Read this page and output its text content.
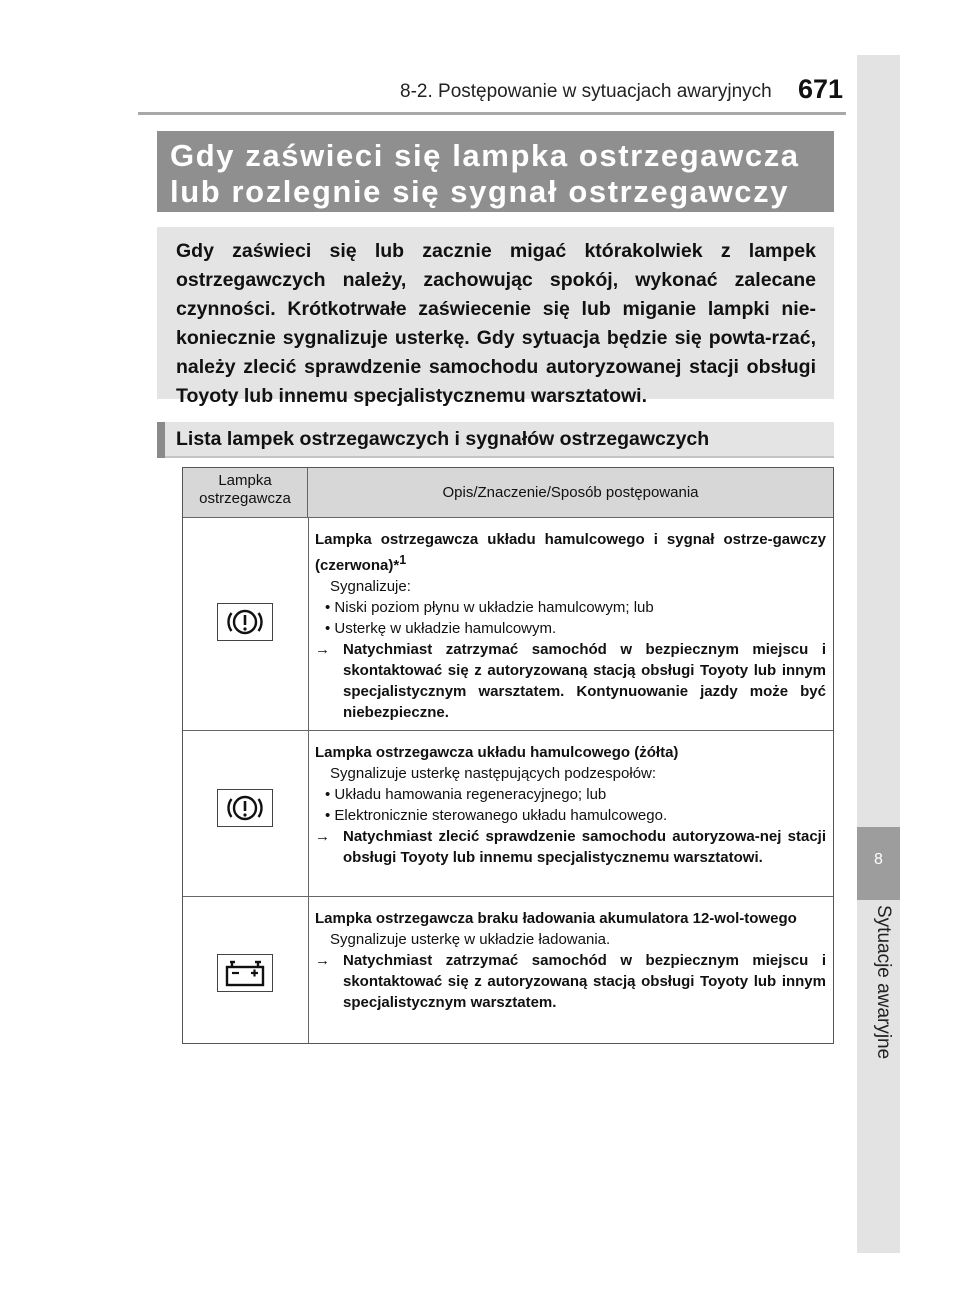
8-2. Postępowanie w sytuacjach awaryjnych 671
8
Sytuacje awaryjne
Gdy zaświeci się lampka ostrzegawcza
lub rozlegnie się sygnał ostrzegawczy
Gdy zaświeci się lub zacznie migać którakolwiek z lampek ostrzegawczych należy, zachowując spokój, wykonać zalecane czynności. Krótkotrwałe zaświecenie się lub miganie lampki nie-koniecznie sygnalizuje usterkę. Gdy sytuacja będzie się powta-rzać, należy zlecić sprawdzenie samochodu autoryzowanej stacji obsługi Toyoty lub innemu specjalistycznemu warsztatowi.
Lista lampek ostrzegawczych i sygnałów ostrzegawczych
Lampka ostrzegawcza	Opis/Znaczenie/Sposób postępowania
Lampka ostrzegawcza układu hamulcowego i sygnał ostrze-gawczy (czerwona)*$^1$
Sygnalizuje:
• Niski poziom płynu w układzie hamulcowym; lub
• Usterkę w układzie hamulcowym.
→ Natychmiast zatrzymać samochód w bezpiecznym miejscu i skontaktować się z autoryzowaną stacją obsługi Toyoty lub innym specjalistycznym warsztatem. Kontynuowanie jazdy może być niebezpieczne.
Lampka ostrzegawcza układu hamulcowego (żółta)
Sygnalizuje usterkę następujących podzespołów:
• Układu hamowania regeneracyjnego; lub
• Elektronicznie sterowanego układu hamulcowego.
→ Natychmiast zlecić sprawdzenie samochodu autoryzowa-nej stacji obsługi Toyoty lub innemu specjalistycznemu warsztatowi.
Lampka ostrzegawcza braku ładowania akumulatora 12-wol-towego
Sygnalizuje usterkę w układzie ładowania.
→ Natychmiast zatrzymać samochód w bezpiecznym miejscu i skontaktować się z autoryzowaną stacją obsługi Toyoty lub innym specjalistycznym warsztatem.
